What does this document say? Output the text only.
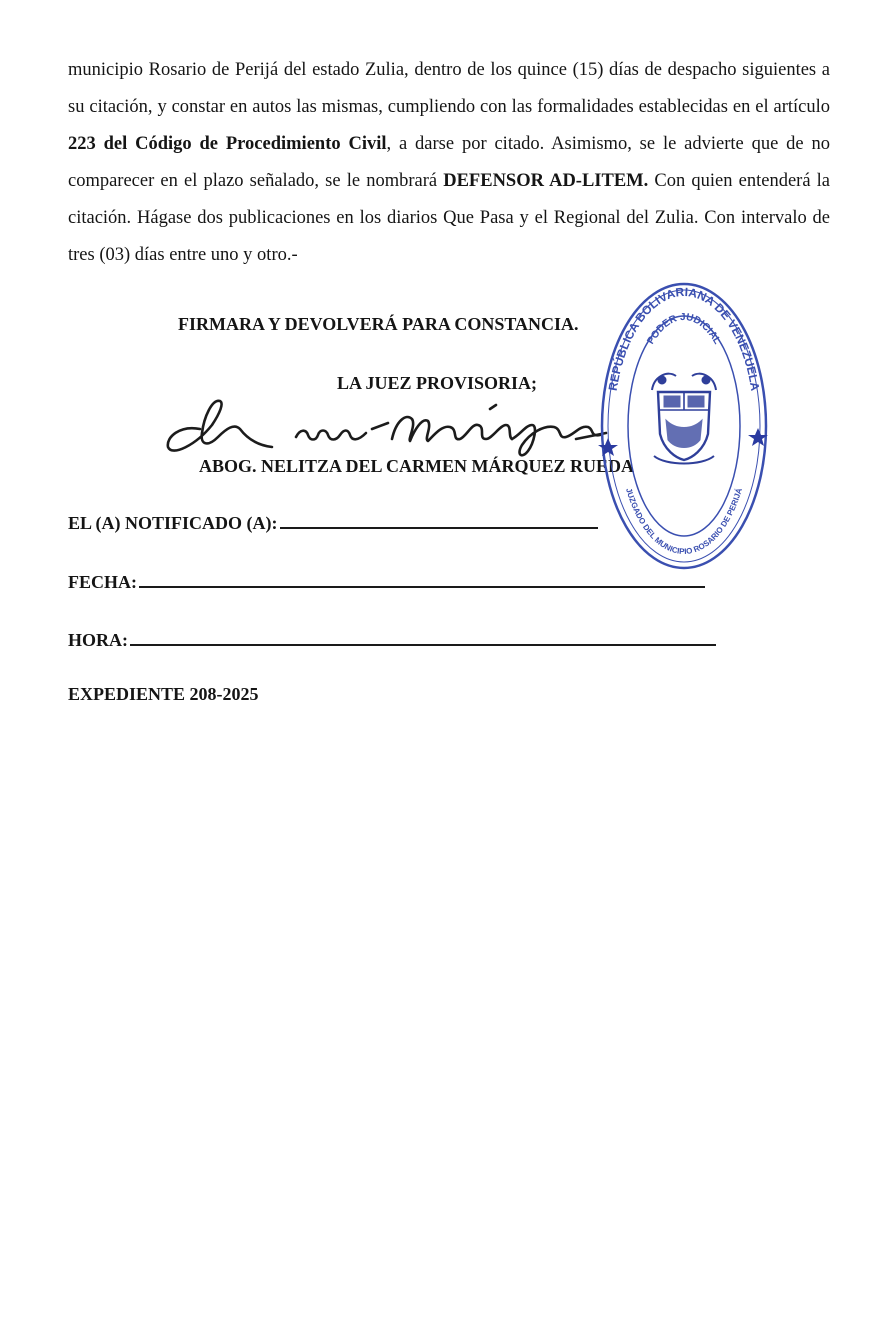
municipio Rosario de Perijá del estado Zulia, dentro de los quince (15) días de despacho siguientes a su citación, y constar en autos las mismas, cumpliendo con las formalidades establecidas en el artículo 223 del Código de Procedimiento Civil, a darse por citado. Asimismo, se le advierte que de no comparecer en el plazo señalado, se le nombrará DEFENSOR AD-LITEM. Con quien entenderá la citación. Hágase dos publicaciones en los diarios Que Pasa y el Regional del Zulia. Con intervalo de tres (03) días entre uno y otro.-

FIRMARA Y DEVOLVERÁ PARA CONSTANCIA.
LA JUEZ PROVISORIA;
ABOG. NELITZA DEL CARMEN MÁRQUEZ RUEDA
REPÚBLICA BOLIVARIANA DE VENEZUELA
PODER JUDICIAL
JUZGADO DEL MUNICIPIO ROSARIO DE PERIJÁ
EL (A) NOTIFICADO (A):
FECHA:
HORA:
EXPEDIENTE 208-2025
